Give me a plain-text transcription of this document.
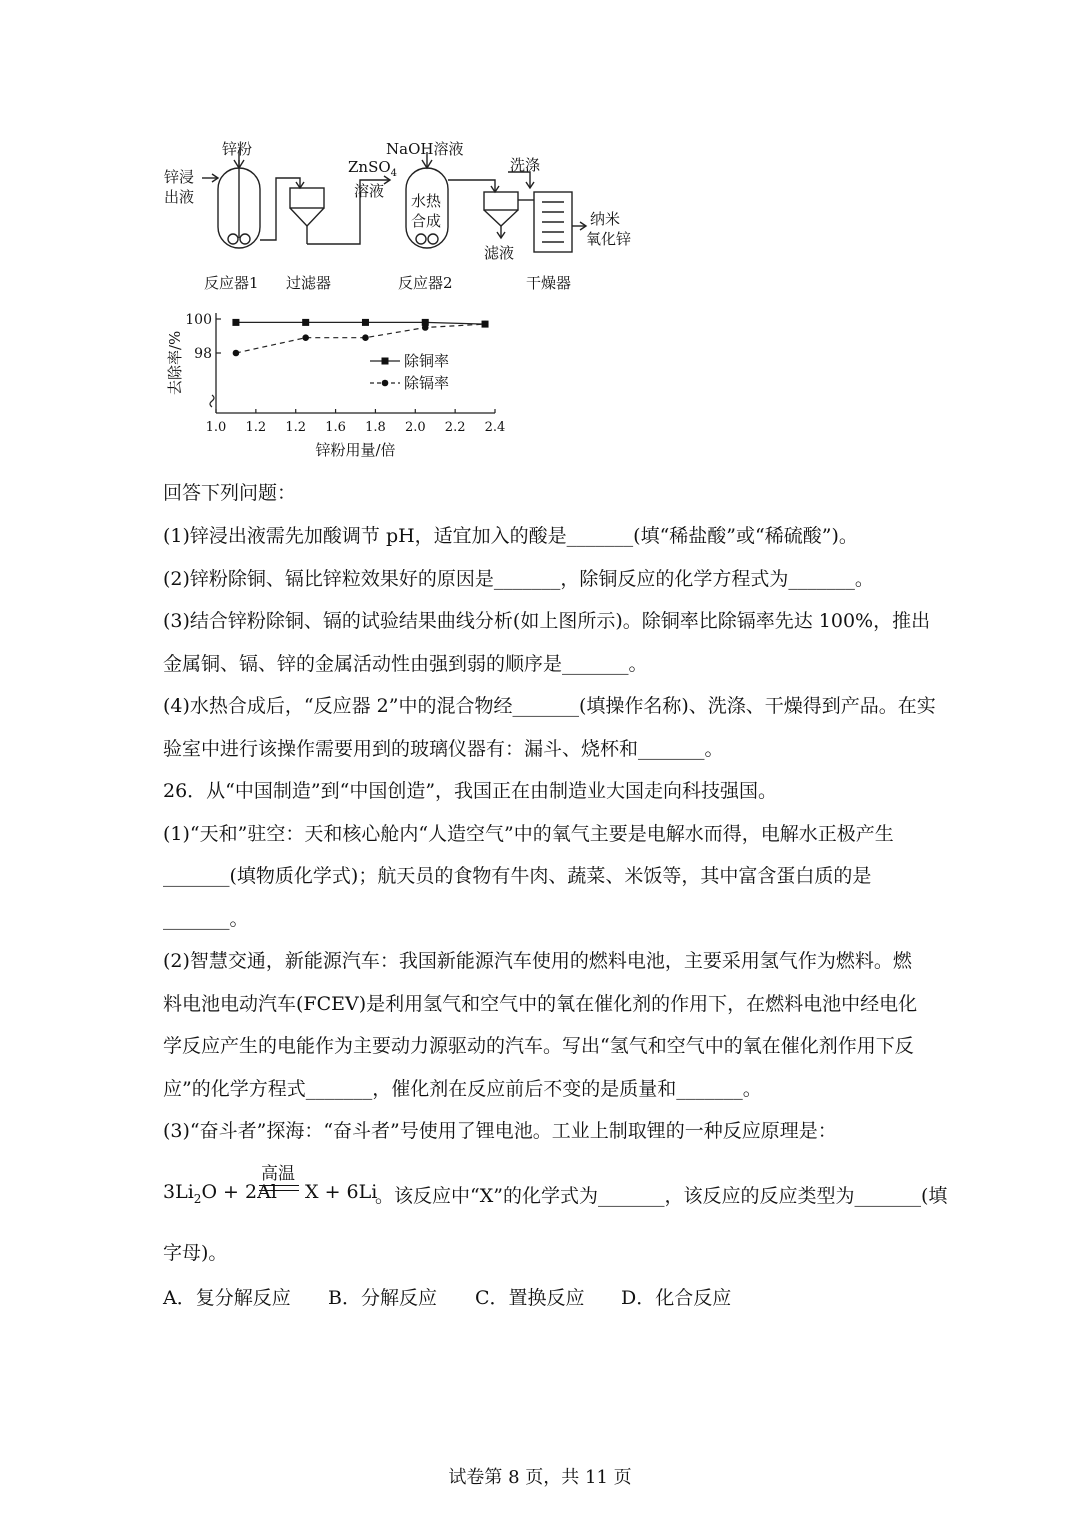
锌粉
锌浸
出液
ZnSO$_4$
溶液
NaOH溶液
水热
合成
洗涤
纳米
氧化锌
滤液
反应器1 过滤器	反应器2	干燥器
100
98
1.0 1.2 1.2 1.6 1.8 2.0 2.2 2.4
去除率/%
锌粉用量/倍
除铜率
除镉率
回答下列问题：
(1)锌浸出液需先加酸调节 pH，适宜加入的酸是_______(填“稀盐酸”或“稀硫酸”)。
(2)锌粉除铜、镉比锌粒效果好的原因是_______，除铜反应的化学方程式为_______。
(3)结合锌粉除铜、镉的试验结果曲线分析(如上图所示)。除铜率比除镉率先达 100%，推出
金属铜、镉、锌的金属活动性由强到弱的顺序是_______。
(4)水热合成后，“反应器 2”中的混合物经_______(填操作名称)、洗涤、干燥得到产品。在实
验室中进行该操作需要用到的玻璃仪器有：漏斗、烧杯和_______。
26．从“中国制造”到“中国创造”，我国正在由制造业大国走向科技强国。
(1)“天和”驻空：天和核心舱内“人造空气”中的氧气主要是电解水而得，电解水正极产生
_______(填物质化学式)；航天员的食物有牛肉、蔬菜、米饭等，其中富含蛋白质的是
_______。
(2)智慧交通，新能源汽车：我国新能源汽车使用的燃料电池，主要采用氢气作为燃料。燃
料电池电动汽车(FCEV)是利用氢气和空气中的氧在催化剂的作用下，在燃料电池中经电化
学反应产生的电能作为主要动力源驱动的汽车。写出“氢气和空气中的氧在催化剂作用下反
应”的化学方程式_______，催化剂在反应前后不变的是质量和_______。
(3)“奋斗者”探海：“奋斗者”号使用了锂电池。工业上制取锂的一种反应原理是：
$3Li_2O + 2Al$
高温
X + 6Li
。该反应中“X”的化学式为_______，该反应的反应类型为_______(填
字母)。
A．复分解反应 B．分解反应 C．置换反应 D．化合反应
试卷第 8 页，共 11 页
